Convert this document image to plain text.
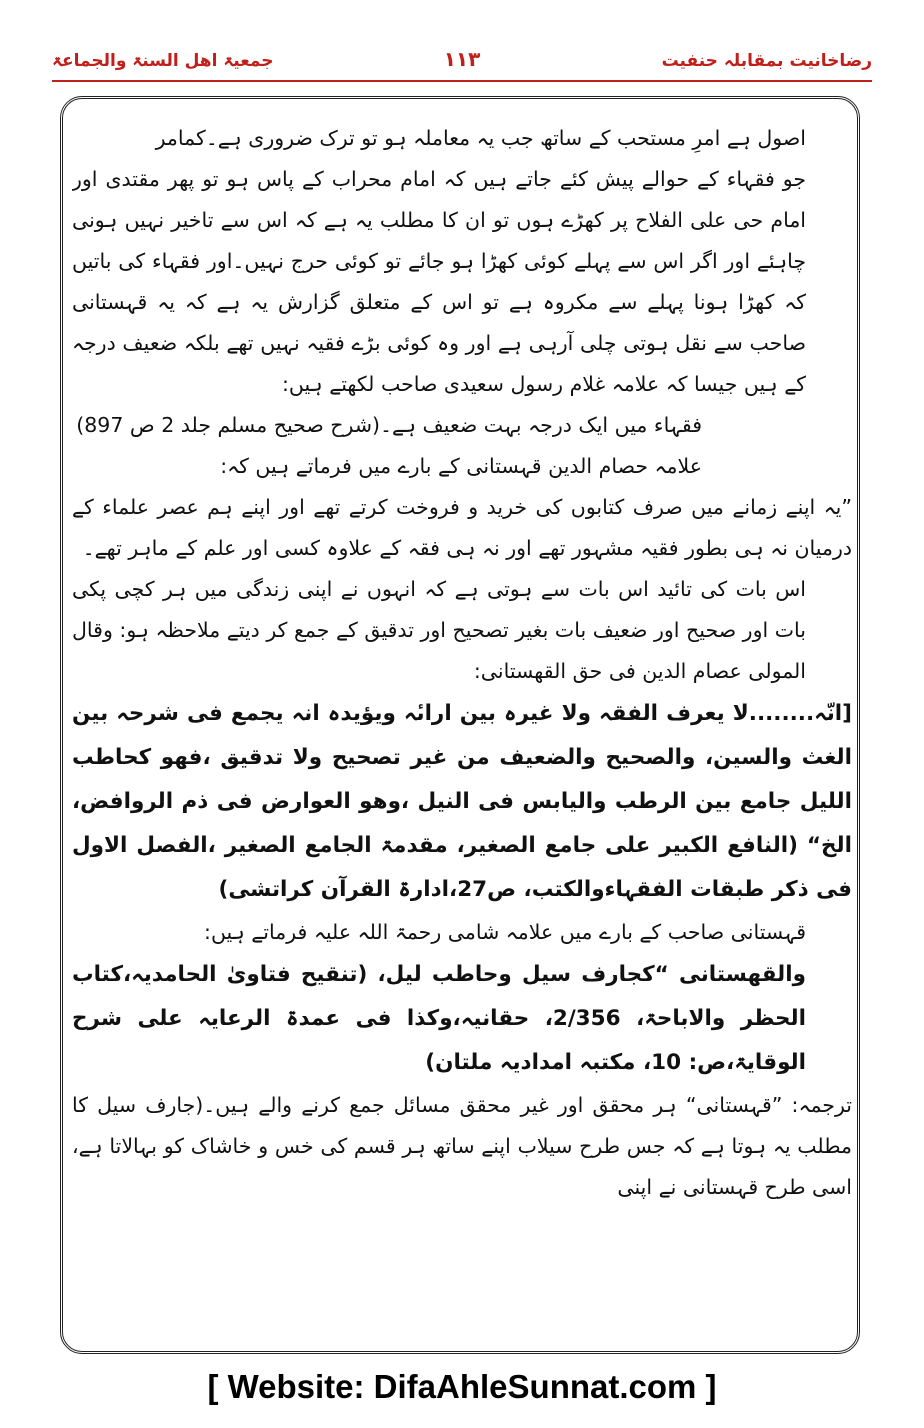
رضاخانیت بمقابلہ حنفیت
۱۱۳
جمعیۃ اھل السنۃ والجماعۃ

اصول ہے امرِ مستحب کے ساتھ جب یہ معاملہ ہو تو ترک ضروری ہے۔کمامر

جو فقہاء کے حوالے پیش کئے جاتے ہیں کہ امام محراب کے پاس ہو تو پھر مقتدی اور امام حی علی الفلاح پر کھڑے ہوں تو ان کا مطلب یہ ہے کہ اس سے تاخیر نہیں ہونی چاہئے اور اگر اس سے پہلے کوئی کھڑا ہو جائے تو کوئی حرج نہیں۔اور فقہاء کی باتیں کہ کھڑا ہونا پہلے سے مکروہ ہے تو اس کے متعلق گزارش یہ ہے کہ یہ قہستانی صاحب سے نقل ہوتی چلی آرہی ہے اور وہ کوئی بڑے فقیہ نہیں تھے بلکہ ضعیف درجہ کے ہیں جیسا کہ علامہ غلام رسول سعیدی صاحب لکھتے ہیں:

فقہاء میں ایک درجہ بہت ضعیف ہے۔(شرح صحیح مسلم جلد 2 ص 897)

علامہ حصام الدین قہستانی کے بارے میں فرماتے ہیں کہ:

”یہ اپنے زمانے میں صرف کتابوں کی خرید و فروخت کرتے تھے اور اپنے ہم عصر علماء کے درمیان نہ ہی بطور فقیہ مشہور تھے اور نہ ہی فقہ کے علاوہ کسی اور علم کے ماہر تھے۔

اس بات کی تائید اس بات سے ہوتی ہے کہ انہوں نے اپنی زندگی میں ہر کچی پکی بات اور صحیح اور ضعیف بات بغیر تصحیح اور تدقیق کے جمع کر دیتے ملاحظہ ہو: وقال المولی عصام الدین فی حق القھستانی:

[انّہ........لا یعرف الفقہ ولا غیرہ بین اراںٔہ ویؤیدہ انہ یجمع فی شرحہ بین الغث والسین، والصحیح والضعیف من غیر تصحیح ولا تدقیق ،فھو کحاطب اللیل جامع بین الرطب والیابس فی النیل ،وھو العوارض فی ذم الروافض، الخ“ (النافع الکبیر علی جامع الصغیر، مقدمۃ الجامع الصغیر ،الفصل الاول فی ذکر طبقات الفقہاءوالکتب، ص27،ادارۃ القرآن کراتشی)

قہستانی صاحب کے بارے میں علامہ شامی رحمۃ اللہ علیہ فرماتے ہیں:

والقھستانی “کجارف سیل وحاطب لیل، (تنقیح فتاویٰ الحامدیہ،کتاب الحظر والاباحۃ، 2/356، حقانیہ،وکذا فی عمدۃ الرعایہ علی شرح الوقایۃ،ص: 10، مکتبہ امدادیہ ملتان)

ترجمہ: ”قہستانی“ ہر محقق اور غیر محقق مسائل جمع کرنے والے ہیں۔(جارف سیل کا مطلب یہ ہوتا ہے کہ جس طرح سیلاب اپنے ساتھ ہر قسم کی خس و خاشاک کو بہالاتا ہے، اسی طرح قہستانی نے اپنی

[ Website: DifaAhleSunnat.com ]
